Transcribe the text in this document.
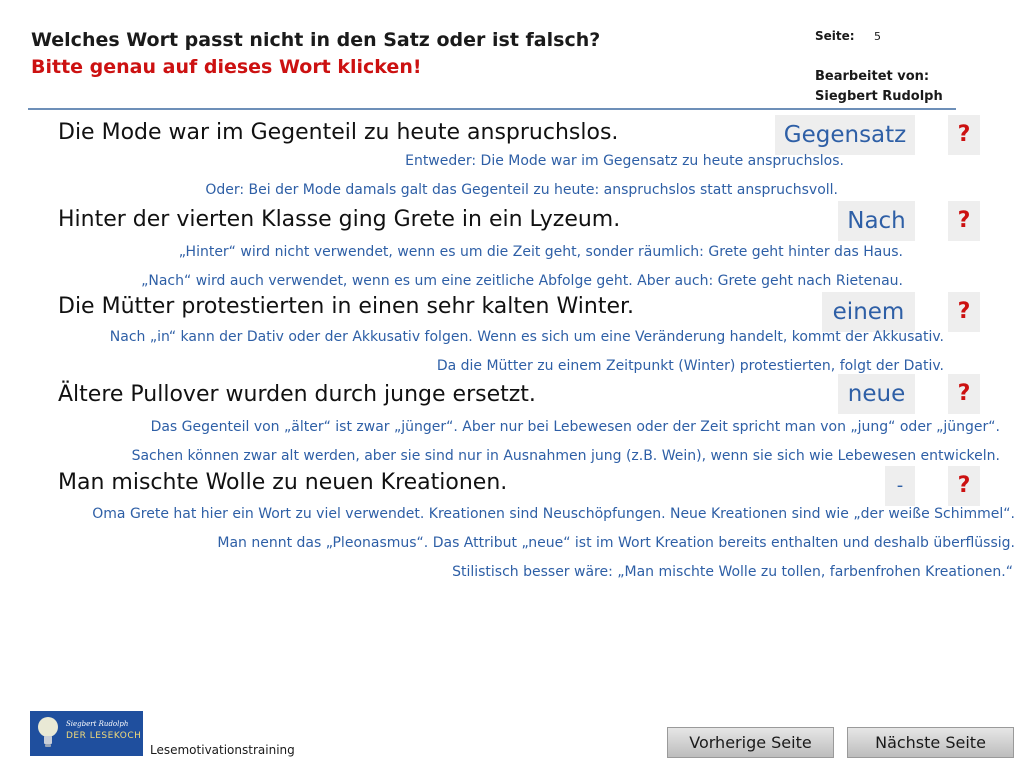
Welches Wort passt nicht in den Satz oder ist falsch?
Bitte genau auf dieses Wort klicken!
Seite: 5
Bearbeitet von:
Siegbert Rudolph
Die Mode war im Gegenteil zu heute anspruchslos.	Gegensatz	?
Entweder: Die Mode war im Gegensatz zu heute anspruchslos.
Oder: Bei der Mode damals galt das Gegenteil zu heute: anspruchslos statt anspruchsvoll.
Hinter der vierten Klasse ging Grete in ein Lyzeum.	Nach	?
„Hinter“ wird nicht verwendet, wenn es um die Zeit geht, sonder räumlich: Grete geht hinter das Haus.
„Nach“ wird auch verwendet, wenn es um eine zeitliche Abfolge geht. Aber auch: Grete geht nach Rietenau.
Die Mütter protestierten in einen sehr kalten Winter.	einem	?
Nach „in“ kann der Dativ oder der Akkusativ folgen. Wenn es sich um eine Veränderung handelt, kommt der Akkusativ.
Da die Mütter zu einem Zeitpunkt (Winter) protestierten, folgt der Dativ.
Ältere Pullover wurden durch junge ersetzt.	neue	?
Das Gegenteil von „älter“ ist zwar „jünger“. Aber nur bei Lebewesen oder der Zeit spricht man von „jung“ oder „jünger“.
Sachen können zwar alt werden, aber sie sind nur in Ausnahmen jung (z.B. Wein), wenn sie sich wie Lebewesen entwickeln.
Man mischte Wolle zu neuen Kreationen.	-	?
Oma Grete hat hier ein Wort zu viel verwendet. Kreationen sind Neuschöpfungen. Neue Kreationen sind wie „der weiße Schimmel“.
Man nennt das „Pleonasmus“. Das Attribut „neue“ ist im Wort Kreation bereits enthalten und deshalb überflüssig.
Stilistisch besser wäre: „Man mischte Wolle zu tollen, farbenfrohen Kreationen.“
Siegbert Rudolph
DER LESEKOCH
Lesemotivationstraining	Vorherige Seite	Nächste Seite
